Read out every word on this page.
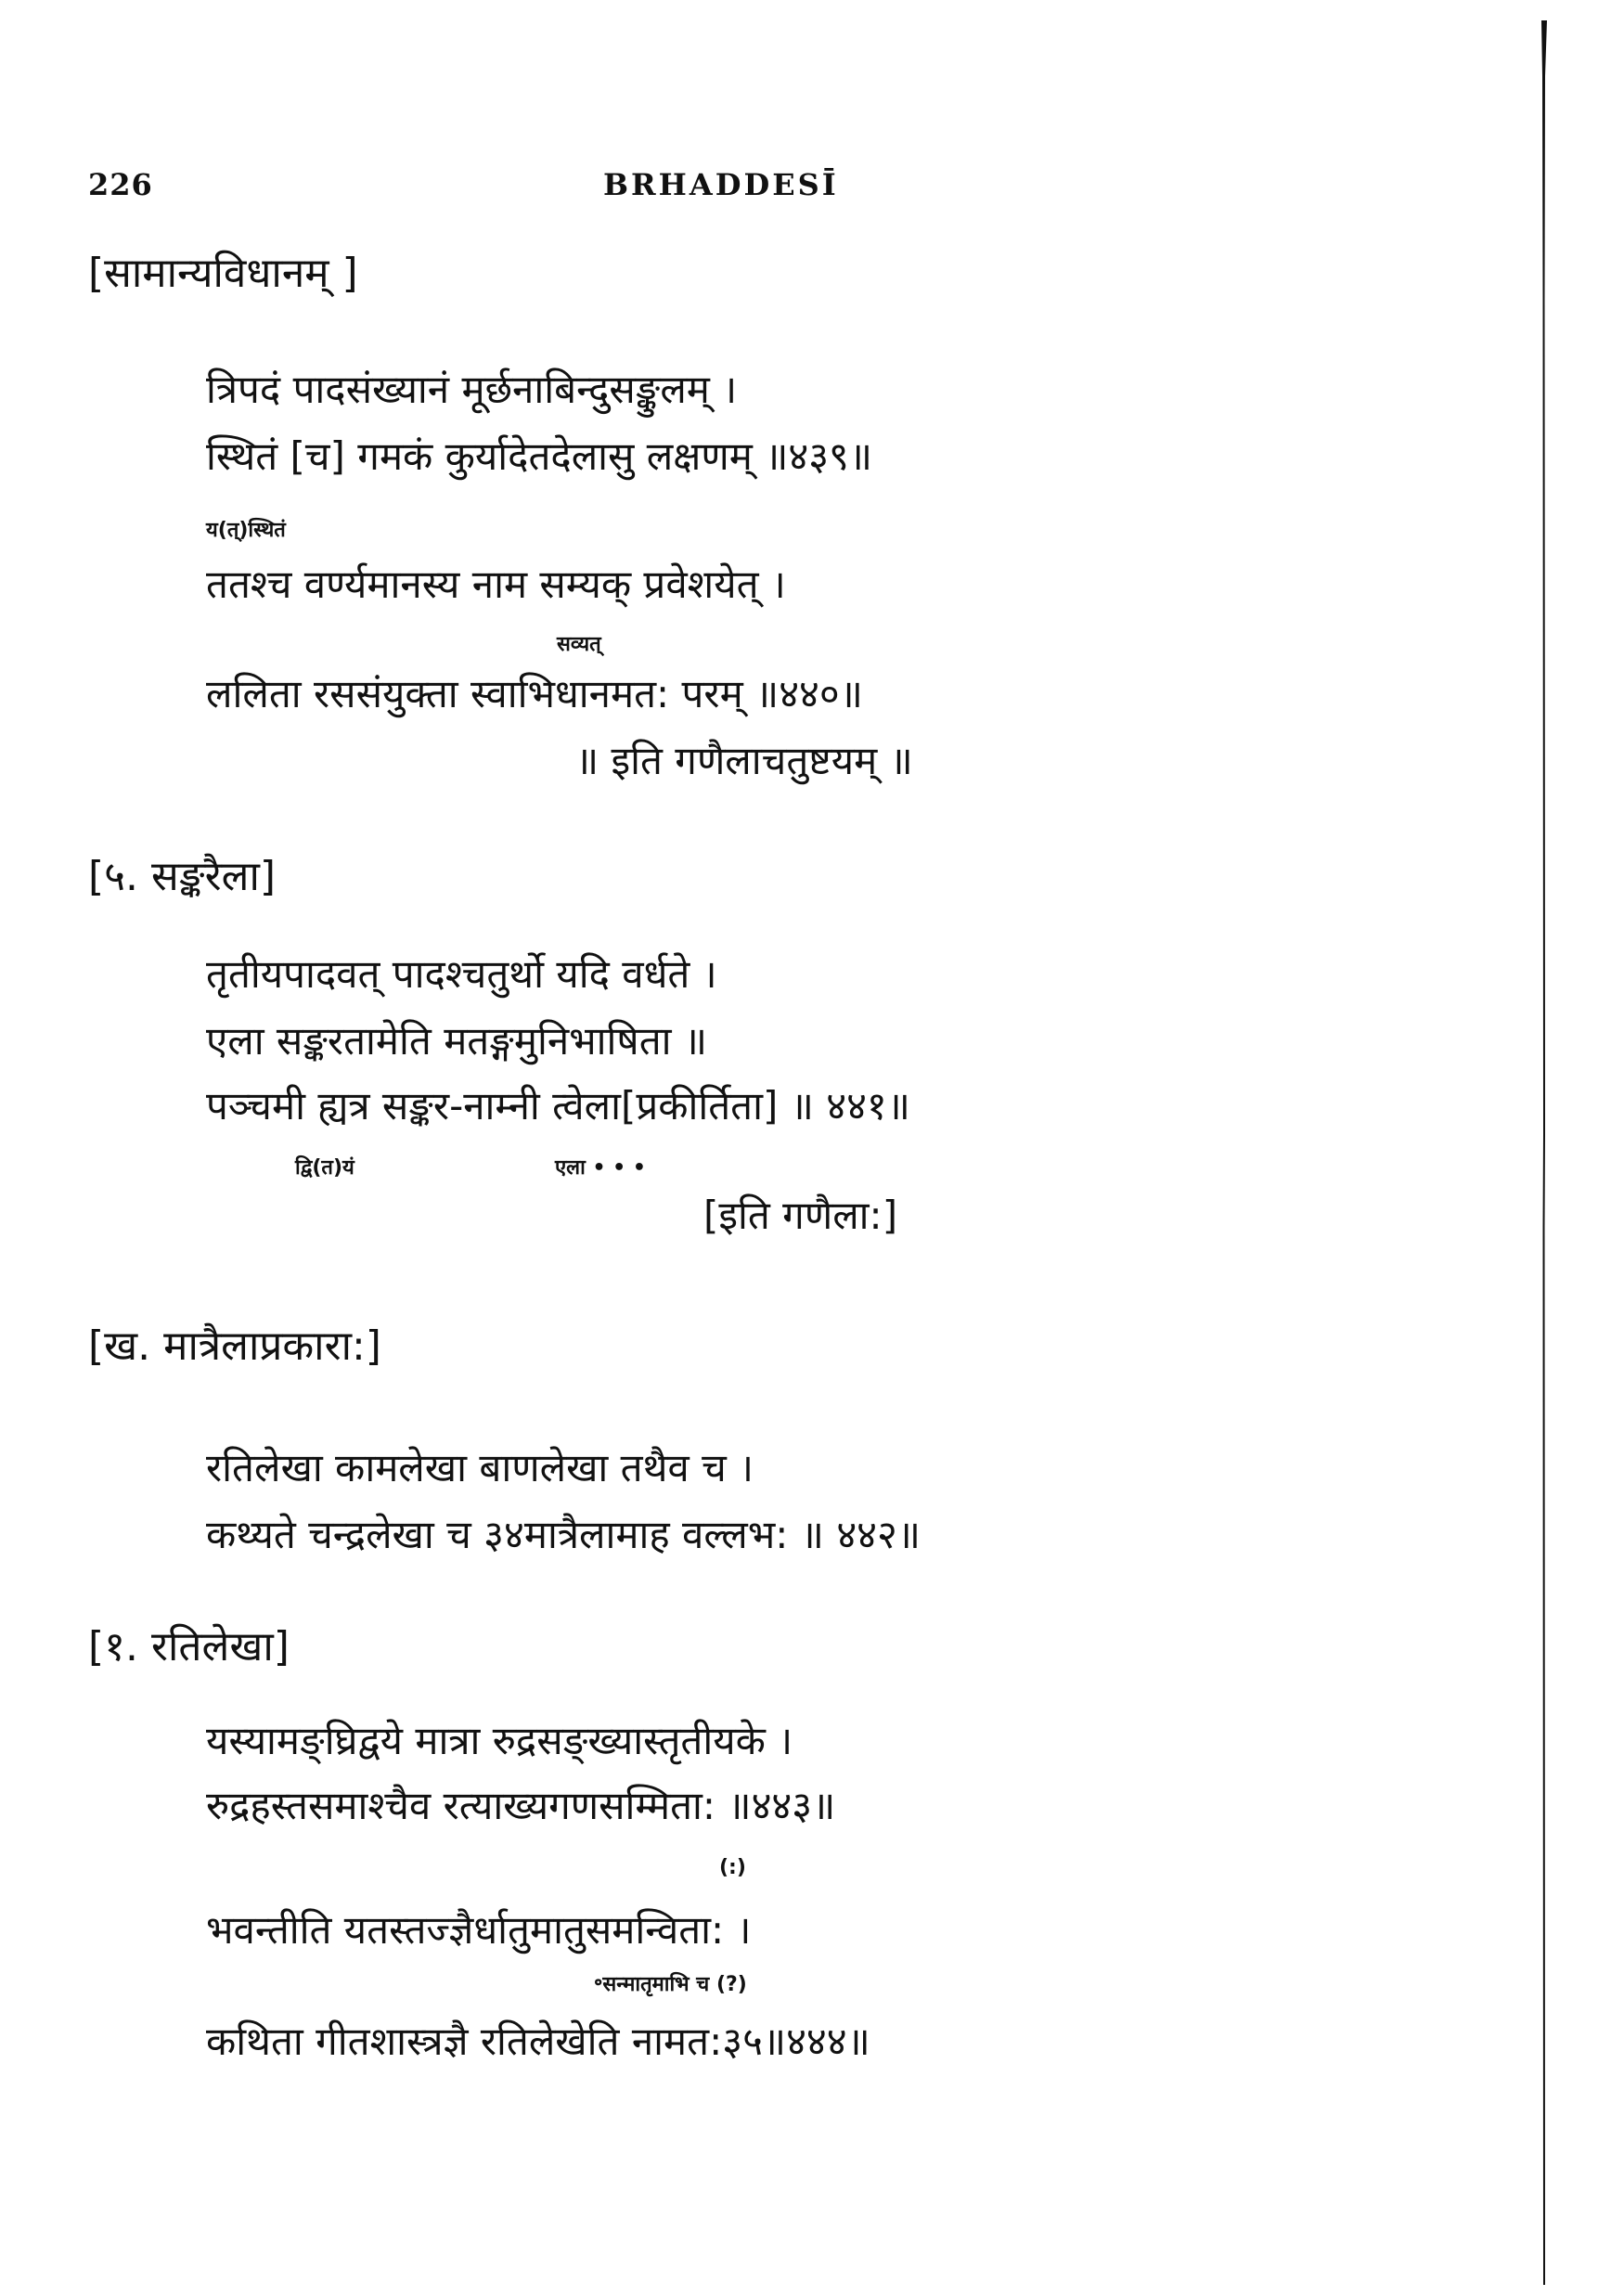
226	BRHADDESĪ
[सामान्यविधानम् ]
त्रिपदं पादसंख्यानं मूर्छनाबिन्दुसङ्कुलम् ।
स्थितं [च] गमकं कुर्यादेतदेलासु लक्षणम् ॥४३९॥
य(त्)स्थितं
ततश्च वर्ण्यमानस्य नाम सम्यक् प्रवेशयेत् ।
सव्यत्
ललिता रससंयुक्ता स्वाभिधानमत: परम् ॥४४०॥
॥ इति गणैलाचतुष्टयम् ॥
[५. सङ्करैला]
तृतीयपादवत् पादश्चतुर्थो यदि वर्धते ।
एला सङ्करतामेति मतङ्गमुनिभाषिता ॥
पञ्चमी ह्यत्र सङ्कर-नाम्नी त्वेला[प्रकीर्तिता] ॥ ४४१॥
द्वि(त)यं	एला • • •
[इति गणैला:]
[ख. मात्रैलाप्रकारा:]
रतिलेखा कामलेखा बाणलेखा तथैव च ।
कथ्यते चन्द्रलेखा च ३४मात्रैलामाह वल्लभ: ॥ ४४२॥
[१. रतिलेखा]
यस्यामङ्घ्रिद्वये मात्रा रुद्रसङ्ख्यास्तृतीयके ।
रुद्रहस्तसमाश्चैव रत्याख्यगणसम्मिता: ॥४४३॥
(:)
भवन्तीति यतस्तज्ज्ञैर्धातुमातुसमन्विता: ।
॰सन्मातृमाभि च (?)
कथिता गीतशास्त्रज्ञै रतिलेखेति नामत:३५॥४४४॥
